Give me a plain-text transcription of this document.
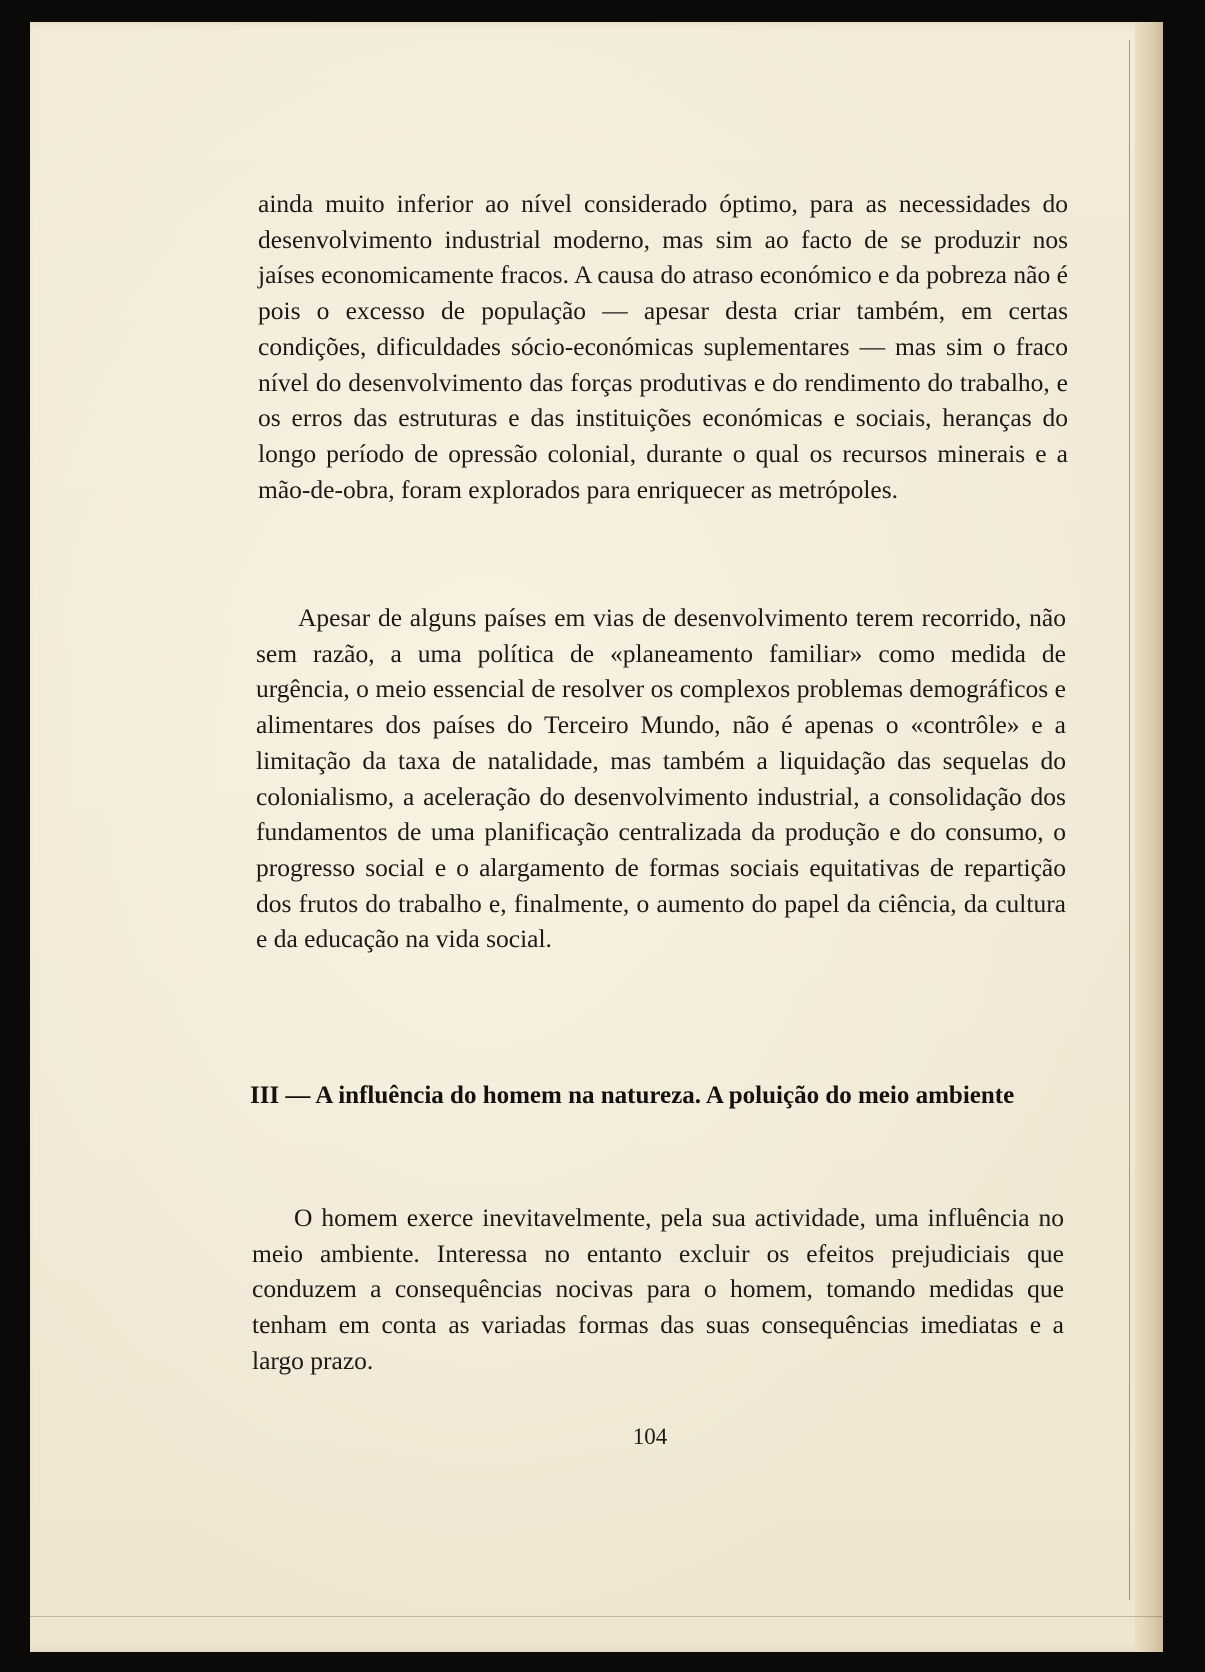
ainda muito inferior ao nível considerado óptimo, para as necessidades do desenvolvimento industrial moderno, mas sim ao facto de se produzir nos jaíses economicamente fracos. A causa do atraso económico e da pobreza não é pois o excesso de população — apesar desta criar também, em certas condições, dificuldades sócio-económicas suplementares — mas sim o fraco nível do desenvolvimento das forças produtivas e do rendimento do trabalho, e os erros das estruturas e das instituições económicas e sociais, heranças do longo período de opressão colonial, durante o qual os recursos minerais e a mão-de-obra, foram explorados para enriquecer as metrópoles.

Apesar de alguns países em vias de desenvolvimento terem recorrido, não sem razão, a uma política de «planeamento familiar» como medida de urgência, o meio essencial de resolver os complexos problemas demográficos e alimentares dos países do Terceiro Mundo, não é apenas o «contrôle» e a limitação da taxa de natalidade, mas também a liquidação das sequelas do colonialismo, a aceleração do desenvolvimento industrial, a consolidação dos fundamentos de uma planificação centralizada da produção e do consumo, o progresso social e o alargamento de formas sociais equitativas de repartição dos frutos do trabalho e, finalmente, o aumento do papel da ciência, da cultura e da educação na vida social.

III — A influência do homem na natureza. A poluição do meio ambiente

O homem exerce inevitavelmente, pela sua actividade, uma influência no meio ambiente. Interessa no entanto excluir os efeitos prejudiciais que conduzem a consequências nocivas para o homem, tomando medidas que tenham em conta as variadas formas das suas consequências imediatas e a largo prazo.

104
